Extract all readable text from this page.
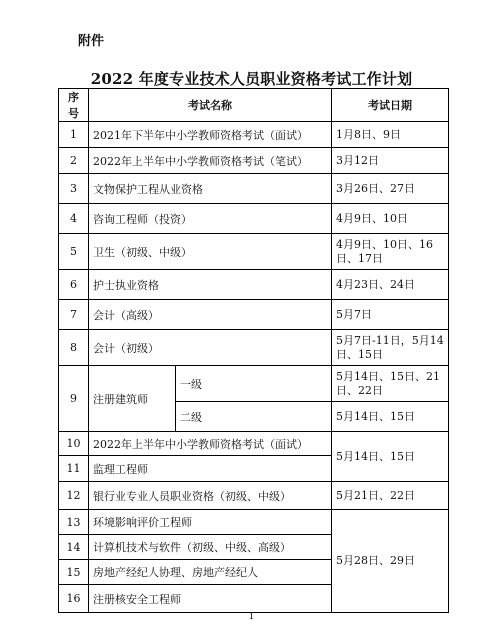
附件
2022 年度专业技术人员职业资格考试工作计划
序号	考试名称		考试日期
1	2021年下半年中小学教师资格考试（面试）		1月8日、9日
2	2022年上半年中小学教师资格考试（笔试）		3月12日
3	文物保护工程从业资格		3月26日、27日
4	咨询工程师（投资）		4月9日、10日
5	卫生（初级、中级）		4月9日、10日、16日、17日
6	护士执业资格		4月23日、24日
7	会计（高级）		5月7日
8	会计（初级）		5月7日-11日，5月14日、15日
9	注册建筑师	一级	5月14日、15日、21日、22日
		二级	5月14日、15日
10	2022年上半年中小学教师资格考试（面试）		5月14日、15日
11	监理工程师		
12	银行业专业人员职业资格（初级、中级）		5月21日、22日
13	环境影响评价工程师		5月28日、29日
14	计算机技术与软件（初级、中级、高级）		
15	房地产经纪人协理、房地产经纪人		
16	注册核安全工程师		
1
